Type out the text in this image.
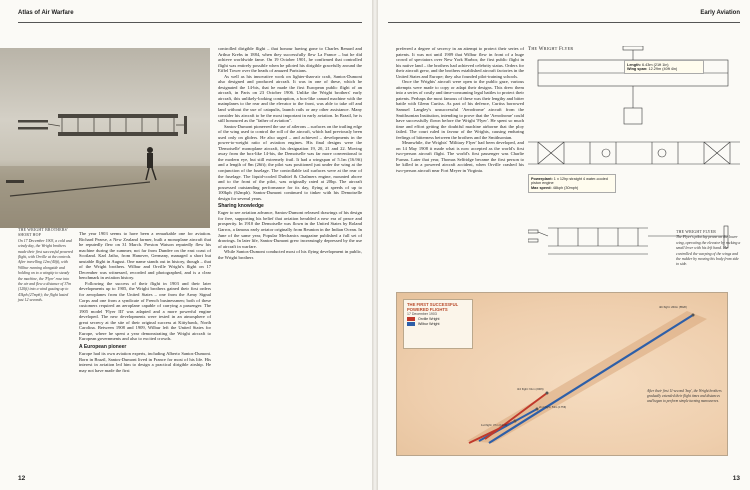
Atlas of Air Warfare
THE WRIGHT BROTHERS' SHORT HOP
On 17 December 1903, a cold and windy day, the Wright brothers made their first successful powered flight, with Orville at the controls. After travelling 12m (40ft), with Wilbur running alongside and holding on to a wingtip to steady the machine, the 'Flyer' rose into the air and flew a distance of 37m (120ft) into a wind gusting up to 43kph (27mph); the flight lasted just 12 seconds.

The year 1903 seems to have been a remarkable one for aviation. Richard Pearse, a New Zealand farmer, built a monoplane aircraft that he reputedly flew on 31 March. Preston Watson reputedly flew his machine during the summer, not far from Dundee on the east coast of Scotland. Karl Jatho, from Hanover, Germany, managed a short but unstable flight in August. One name stands out in history, though – that of the Wright brothers. Wilbur and Orville Wright's flight on 17 December was witnessed, recorded and photographed, and is a clear benchmark in aviation history.

Following the success of their flight in 1903 and their later developments up to 1905, the Wright brothers gained their first orders for aeroplanes from the United States – one from the Army Signal Corps and one from a syndicate of French businessmen; both of these customers required an aeroplane capable of carrying a passenger. The 1905 model 'Flyer III' was adapted and a more powerful engine developed. The new developments were tested in an atmosphere of great secrecy at the site of their original success at Kittyhawk, North Carolina. Between 1908 and 1909, Wilbur left the United States for Europe, where he spent a year demonstrating the Wright aircraft to European governments and also to excited crowds.

A European pioneer

Europe had its own aviation experts, including Alberto Santos-Dumont. Born in Brazil, Santos-Dumont lived in France for most of his life. His interest in aviation led him to design a practical dirigible airship. He may not have made the first

controlled dirigible flight – that honour having gone to Charles Renard and Arthur Krebs in 1884, when they successfully flew La France – but he did achieve worldwide fame. On 19 October 1901, he confirmed that controlled flight was entirely possible when he piloted his dirigible gracefully around the Eiffel Tower over the heads of amazed Parisians.

As well as his innovative work on lighter-than-air craft, Santos-Dumont also designed and produced aircraft. It was in one of these, which he designated the 14-bis, that he made the first European public flight of an aircraft, in Paris on 23 October 1906. Unlike the Wright brothers' early aircraft, this unlikely-looking contraption, a box-like canard machine with the mainplanes to the rear and the elevator to the front, was able to take off and land without the use of catapults, launch rails or any other assistance. Many consider his aircraft to be the most important in early aviation. In Brazil, he is still honoured as the "father of aviation".

Santos-Dumont pioneered the use of ailerons – surfaces on the trailing edge of the wing used to control the roll of the aircraft, which had previously been used only on gliders. He also urged – and achieved – developments in the power-to-weight ratio of aviation engines. His final designs were the 'Demoiselle' monoplane aircraft, his designation 19, 20, 21 and 22. Moving away from the box-like 14-bis, the Demoiselle was far more conventional to the modern eye, but still extremely frail. It had a wingspan of 5.1m (16.9ft) and a length of 8m (26ft); the pilot was positioned just under the wing at the conjunction of the fuselage. The controllable tail surfaces were at the rear of the fuselage. The liquid-cooled Duthiel & Chalmers engine, mounted above and to the front of the pilot, was originally rated at 20hp. The aircraft possessed outstanding performance for its day, flying at speeds of up to 100kph (62mph). Santos-Dumont continued to tinker with his Demoiselle design for several years.

Sharing knowledge

Eager to see aviation advance, Santos-Dumont released drawings of his design for free, supporting his belief that aviation heralded a new era of peace and prosperity. In 1910 the Demoiselle was flown in the United States by Roland Garros, a famous early aviator originally from Reunion in the Indian Ocean. In June of the same year, Popular Mechanics magazine published a full set of drawings. In later life, Santos-Dumont grew increasingly depressed by the use of aircraft in warfare.

While Santos-Dumont conducted most of his flying development in public, the Wright brothers

12
Early Aviation

preferred a degree of secrecy in an attempt to protect their series of patents. It was not until 1909 that Wilbur flew in front of a huge crowd of spectators over New York Harbor, the first public flight in his native land – the brothers had achieved celebrity status. Orders for their aircraft grew, and the brothers established aircraft factories in the United States and Europe; they also founded pilot-training schools.

Once the Wrights' aircraft were open to the public gaze, various attempts were made to copy or adapt their designs. This drew them into a series of costly and time-consuming legal battles to protect their patents. Perhaps the most famous of these was their lengthy and bitter battle with Glenn Curtiss. As part of his defence, Curtiss borrowed Samuel Langley's unsuccessful 'Aerodrome' aircraft from the Smithsonian Institution, intending to prove that the 'Aerodrome' could have successfully flown before the Wright 'Flyer'. He spent so much time and effort getting the doubtful machine airborne that the ploy failed. The court ruled in favour of the Wrights, causing enduring feelings of bitterness between the brothers and the Smithsonian.

Meanwhile, the Wrights' 'Military Flyer' had been developed, and on 14 May 1908 it made what is now accepted as the world's first two-person aircraft flight. The world's first passenger was Charlie Furnas. Later that year, Thomas Selfridge became the first person to be killed in a powered aircraft accident, when Orville crashed his two-person aircraft near Fort Meyer in Virginia.

The Wright Flyer
Length: 6.43m (21ft 1in)
Wing span: 12.29m (40ft 4in)
Powerplant: 1 x 12hp straight 4 water-cooled piston engine
Max speed: 48kph (30mph)
THE WRIGHT FLYER
The Flyer's pilot lay prone on the lower wing, operating the elevator by rocking a small lever with his left hand. He controlled the warping of the wings and the rudder by moving his body from side to side.
THE FIRST SUCCESSFUL POWERED FLIGHTS
17 December 1903
Orville Wright
Wilbur Wright
4th flight: 260m (852ft)
3rd flight: 61m (200ft)
2nd flight: 53m (175ft)
1st flight: 37m (120ft)
After their first 11-second 'hop', the Wright brothers gradually extended their flight times and distances and began to perform simple turning manoeuvres.
13
